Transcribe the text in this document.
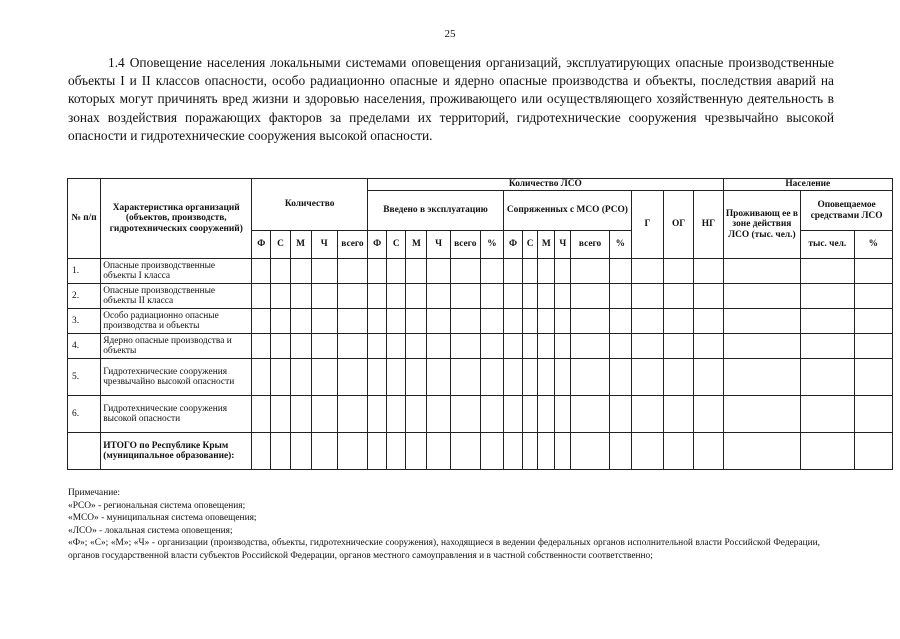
25

1.4 Оповещение населения локальными системами оповещения организаций, эксплуатирующих опасные производственные объекты I и II классов опасности, особо радиационно опасные и ядерно опасные производства и объекты, последствия аварий на которых могут причинять вред жизни и здоровью населения, проживающего или осуществляющего хозяйственную деятельность в зонах воздействия поражающих факторов за пределами их территорий, гидротехнические сооружения чрезвычайно высокой опасности и гидротехнические сооружения высокой опасности.

№ п/п	Характеристика организаций (объектов, производств, гидротехнических сооружений)	Количество					Количество ЛСО															Население		
							Введено в эксплуатацию						Сопряженных с МСО (РСО)						Г	ОГ	НГ	Проживающ ее в зоне действия ЛСО (тыс. чел.)	Оповещаемое средствами ЛСО	
		Ф	С	М	Ч	всего	Ф	С	М	Ч	всего	%	Ф	С	М	Ч	всего	%					тыс. чел.	%
1.	Опасные производственные объекты I класса																							
2.	Опасные производственные объекты II класса																							
3.	Особо радиационно опасные производства и объекты																							
4.	Ядерно опасные производства и объекты																							
5.	Гидротехнические сооружения чрезвычайно высокой опасности																							
6.	Гидротехнические сооружения высокой опасности																							
	ИТОГО по Республике Крым (муниципальное образование):																							
Примечание:
«РСО» - региональная система оповещения;
«МСО» - муниципальная система оповещения;
«ЛСО» - локальная система оповещения;
«Ф»; «С»; «М»; «Ч» - организации (производства, объекты, гидротехнические сооружения), находящиеся в ведении федеральных органов исполнительной власти Российской Федерации, органов государственной власти субъектов Российской Федерации, органов местного самоуправления и в частной собственности соответственно;
